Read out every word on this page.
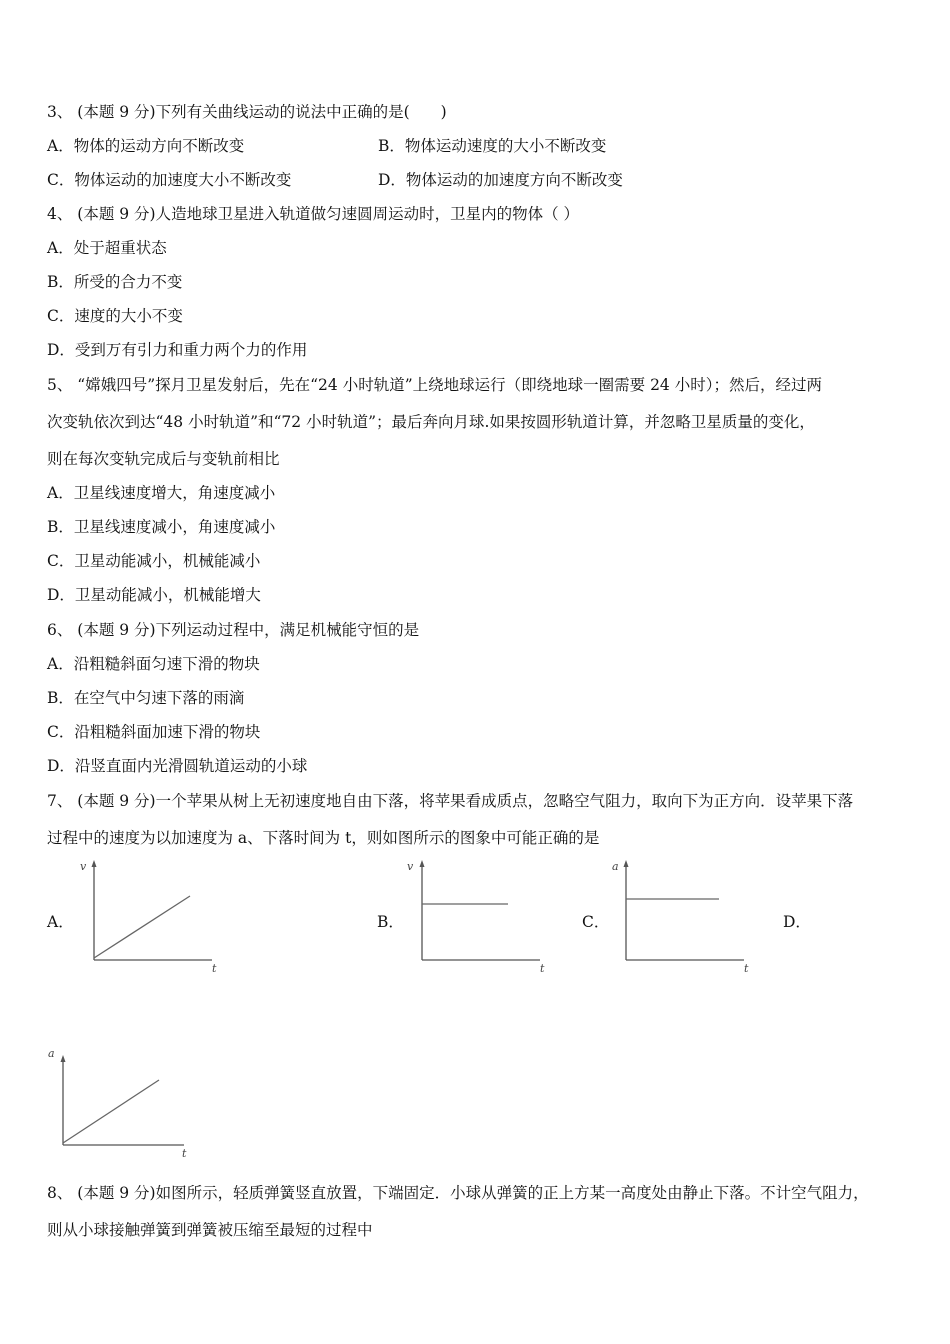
3、 (本题 9 分)下列有关曲线运动的说法中正确的是(　　)
A．物体的运动方向不断改变	B．物体运动速度的大小不断改变
C．物体运动的加速度大小不断改变	D．物体运动的加速度方向不断改变
4、 (本题 9 分)人造地球卫星进入轨道做匀速圆周运动时，卫星内的物体（ ）
A．处于超重状态
B．所受的合力不变
C．速度的大小不变
D．受到万有引力和重力两个力的作用
5、 “嫦娥四号”探月卫星发射后，先在“24 小时轨道”上绕地球运行（即绕地球一圈需要 24 小时）；然后，经过两
次变轨依次到达“48 小时轨道”和“72 小时轨道”；最后奔向月球.如果按圆形轨道计算，并忽略卫星质量的变化，
则在每次变轨完成后与变轨前相比
A．卫星线速度增大，角速度减小
B．卫星线速度减小，角速度减小
C．卫星动能减小，机械能减小
D．卫星动能减小，机械能增大
6、 (本题 9 分)下列运动过程中，满足机械能守恒的是
A．沿粗糙斜面匀速下滑的物块
B．在空气中匀速下落的雨滴
C．沿粗糙斜面加速下滑的物块
D．沿竖直面内光滑圆轨道运动的小球
7、 (本题 9 分)一个苹果从树上无初速度地自由下落，将苹果看成质点，忽略空气阻力，取向下为正方向．设苹果下落
过程中的速度为以加速度为 a、下落时间为 t，则如图所示的图象中可能正确的是
A．
v
t
B．
v
t
C．
a
t
D．
a
t
8、 (本题 9 分)如图所示，轻质弹簧竖直放置，下端固定．小球从弹簧的正上方某一高度处由静止下落。不计空气阻力，
则从小球接触弹簧到弹簧被压缩至最短的过程中
